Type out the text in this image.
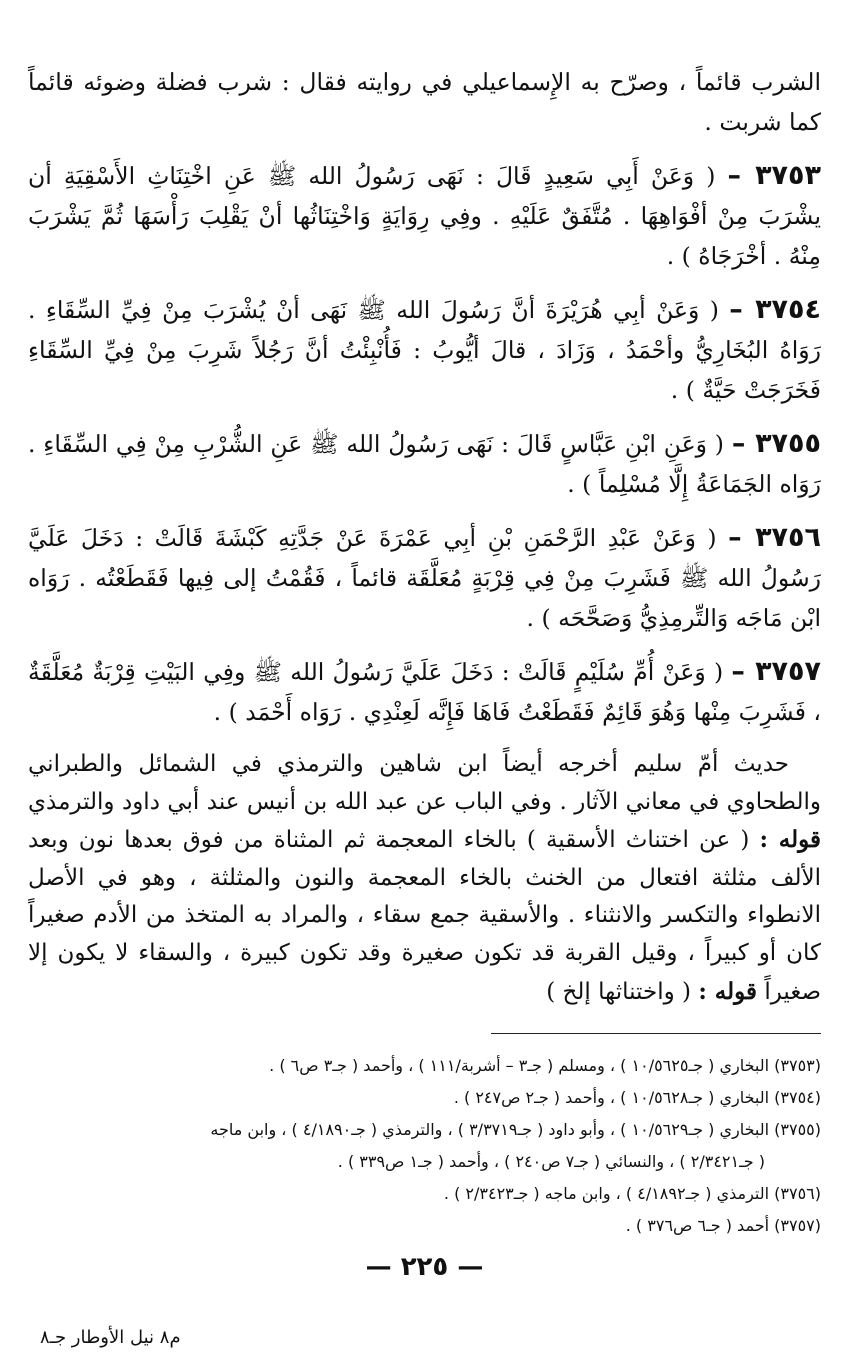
الشرب قائماً ، وصرّح به الإِسماعيلي في روايته فقال : شرب فضلة وضوئه قائماً كما شربت .

٣٧٥٣ – ( وَعَنْ أَبِي سَعِيدٍ قَالَ : نَهَى رَسُولُ الله ﷺ عَنِ اخْتِنَاثِ الأَسْقِيَةِ أن يشْرَبَ مِنْ أفْوَاهِهَا . مُتَّفَقٌ عَلَيْهِ . وفِي رِوَايَةٍ وَاخْتِنَاثُها أنْ يَقْلِبَ رَأْسَهَا ثُمَّ يَشْرَبَ مِنْهُ . أخْرَجَاهُ ) .

٣٧٥٤ – ( وَعَنْ أبِي هُرَيْرَةَ أنَّ رَسُولَ الله ﷺ نَهَى أنْ يُشْرَبَ مِنْ فِيِّ السِّقَاءِ . رَوَاهُ البُخَارِيُّ وأحْمَدُ ، وَزَادَ ، قالَ أيُّوبُ : فَأُنْبِئْتُ أنَّ رَجُلاً شَرِبَ مِنْ فِيِّ السِّقَاءِ فَخَرَجَتْ حَيَّةٌ ) .

٣٧٥٥ – ( وَعَنِ ابْنِ عَبَّاسٍ قَالَ : نَهَى رَسُولُ الله ﷺ عَنِ الشُّرْبِ مِنْ فِي السِّقَاءِ . رَوَاه الجَمَاعَةُ إِلَّا مُسْلِماً ) .

٣٧٥٦ – ( وَعَنْ عَبْدِ الرَّحْمَنِ بْنِ أبِي عَمْرَةَ عَنْ جَدَّتِهِ كَبْشَةَ قَالَتْ : دَخَلَ عَلَيَّ رَسُولُ الله ﷺ فَشَرِبَ مِنْ فِي قِرْبَةٍ مُعَلَّقَة قائماً ، فَقُمْتُ إلى فِيها فَقَطَعْتُه . رَوَاه ابْن مَاجَه وَالتِّرمِذِيُّ وَصَحَّحَه ) .

٣٧٥٧ – ( وَعَنْ أُمِّ سُلَيْمٍ قَالَتْ : دَخَلَ عَلَيَّ رَسُولُ الله ﷺ وفِي البَيْتِ قِرْبَةٌ مُعَلَّقَةٌ ، فَشَرِبَ مِنْها وَهُوَ قَائِمٌ فَقَطَعْتُ فَاهَا فَإِنَّه لَعِنْدِي . رَوَاه أَحْمَد ) .

حديث أمّ سليم أخرجه أيضاً ابن شاهين والترمذي في الشمائل والطبراني والطحاوي في معاني الآثار . وفي الباب عن عبد الله بن أنيس عند أبي داود والترمذي قوله : ( عن اختناث الأسقية ) بالخاء المعجمة ثم المثناة من فوق بعدها نون وبعد الألف مثلثة افتعال من الخنث بالخاء المعجمة والنون والمثلثة ، وهو في الأصل الانطواء والتكسر والانثناء . والأسقية جمع سقاء ، والمراد به المتخذ من الأدم صغيراً كان أو كبيراً ، وقيل القربة قد تكون صغيرة وقد تكون كبيرة ، والسقاء لا يكون إلا صغيراً قوله : ( واختناثها إلخ )

(٣٧٥٣) البخاري ( جـ١٠/٥٦٢٥ ) ، ومسلم ( جـ٣ – أشربة/١١١ ) ، وأحمد ( جـ٣ ص٦ ) .

(٣٧٥٤) البخاري ( جـ١٠/٥٦٢٨ ) ، وأحمد ( جـ٢ ص٢٤٧ ) .

(٣٧٥٥) البخاري ( جـ١٠/٥٦٢٩ ) ، وأبو داود ( جـ٣/٣٧١٩ ) ، والترمذي ( جـ٤/١٨٩٠ ) ، وابن ماجه

( جـ٢/٣٤٢١ ) ، والنسائي ( جـ٧ ص٢٤٠ ) ، وأحمد ( جـ١ ص٣٣٩ ) .

(٣٧٥٦) الترمذي ( جـ٤/١٨٩٢ ) ، وابن ماجه ( جـ٢/٣٤٢٣ ) .

(٣٧٥٧) أحمد ( جـ٦ ص٣٧٦ ) .

— ٢٢٥ —
م٨ نيل الأوطار جـ٨
